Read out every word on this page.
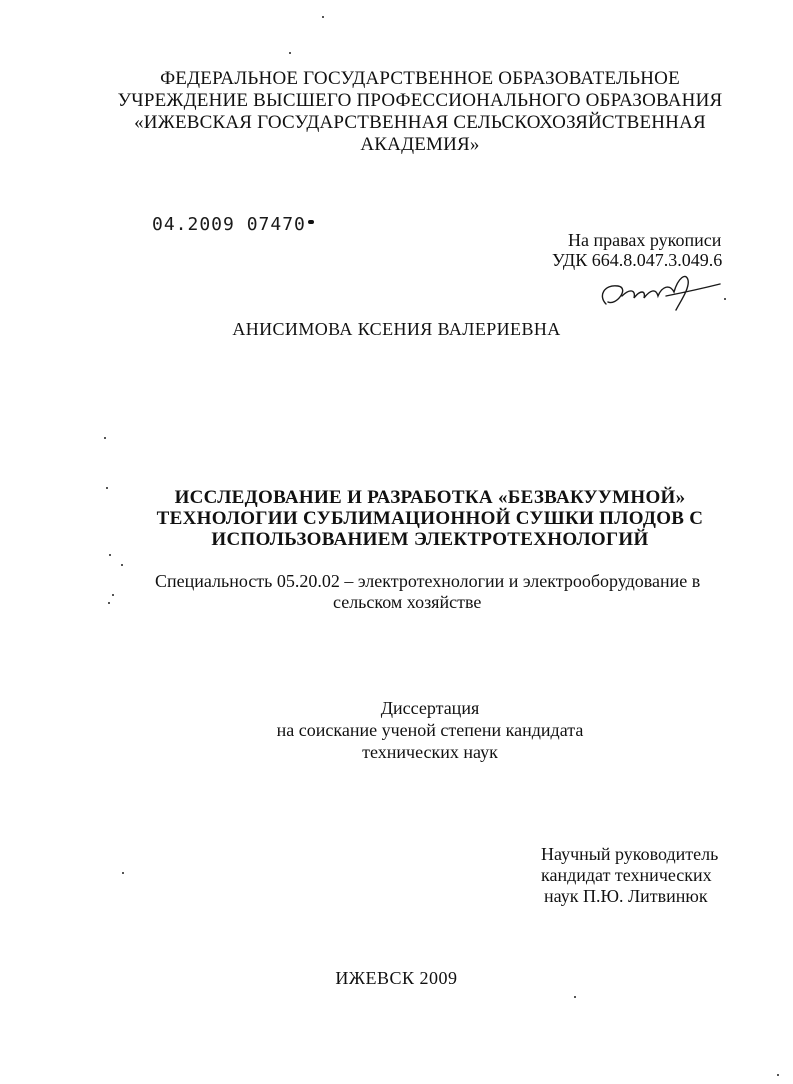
ФЕДЕРАЛЬНОЕ ГОСУДАРСТВЕННОЕ ОБРАЗОВАТЕЛЬНОЕ
УЧРЕЖДЕНИЕ ВЫСШЕГО ПРОФЕССИОНАЛЬНОГО ОБРАЗОВАНИЯ
«ИЖЕВСКАЯ ГОСУДАРСТВЕННАЯ СЕЛЬСКОХОЗЯЙСТВЕННАЯ
АКАДЕМИЯ»
04.2009 07470
На правах рукописи
УДК 664.8.047.3.049.6
АНИСИМОВА КСЕНИЯ ВАЛЕРИЕВНА
ИССЛЕДОВАНИЕ И РАЗРАБОТКА «БЕЗВАКУУМНОЙ»
ТЕХНОЛОГИИ СУБЛИМАЦИОННОЙ СУШКИ ПЛОДОВ С
ИСПОЛЬЗОВАНИЕМ ЭЛЕКТРОТЕХНОЛОГИЙ
Специальность 05.20.02 – электротехнологии и электрооборудование в
сельском хозяйстве
Диссертация
на соискание ученой степени кандидата
технических наук
Научный руководитель
кандидат технических
наук П.Ю. Литвинюк
ИЖЕВСК 2009
